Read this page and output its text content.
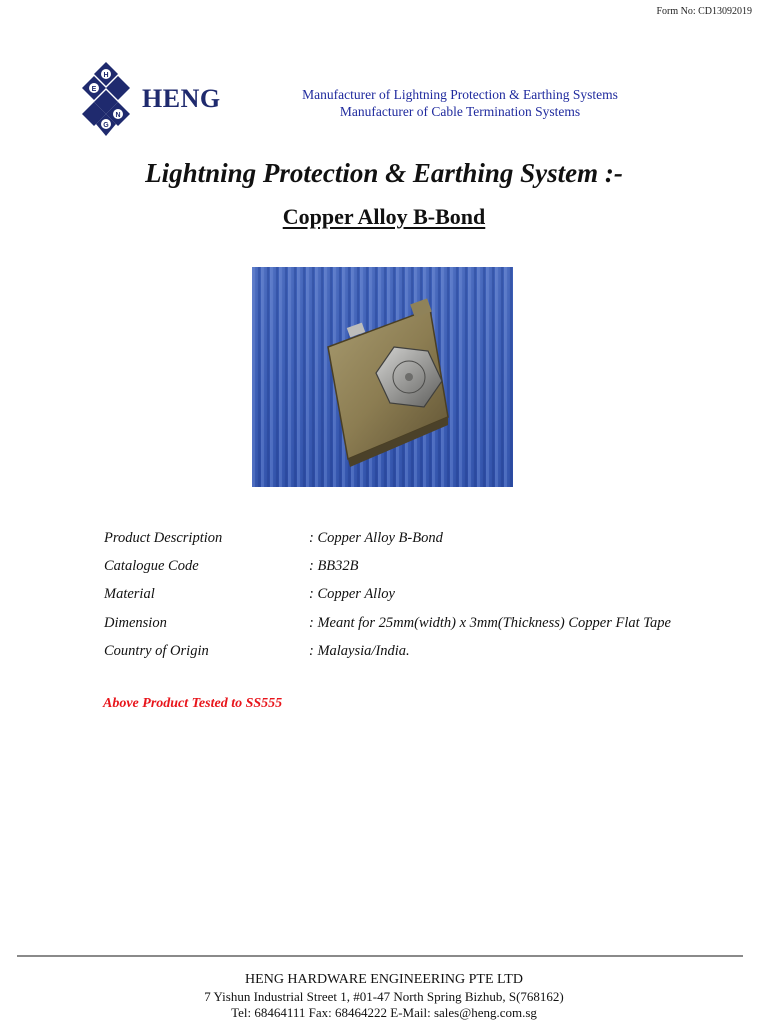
Form No: CD13092019
H
E
N
G
HENG	Manufacturer of Lightning Protection & Earthing Systems
Manufacturer of Cable Termination Systems
Lightning Protection & Earthing System :-
Copper Alloy B-Bond
Product Description	: Copper Alloy B-Bond
Catalogue Code	: BB32B
Material	: Copper Alloy
Dimension	: Meant for 25mm(width) x 3mm(Thickness) Copper Flat Tape
Country of Origin	: Malaysia/India.
Above Product Tested to SS555
HENG HARDWARE ENGINEERING PTE LTD
7 Yishun Industrial Street 1, #01-47 North Spring Bizhub, S(768162)
Tel: 68464111 Fax: 68464222 E-Mail: sales@heng.com.sg
